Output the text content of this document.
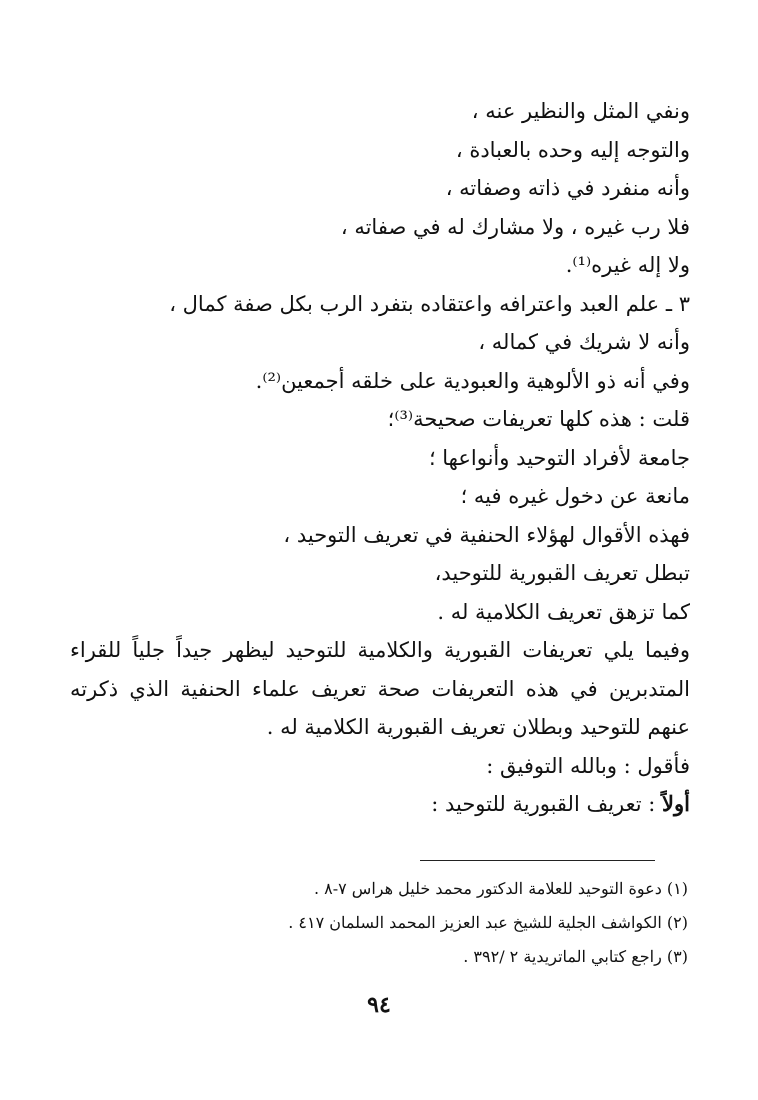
ونفي المثل والنظير عنه ،
والتوجه إليه وحده بالعبادة ،
وأنه منفرد في ذاته وصفاته ،
فلا رب غيره ، ولا مشارك له في صفاته ،
ولا إله غيره⁽¹⁾.
٣ ـ علم العبد واعترافه واعتقاده بتفرد الرب بكل صفة كمال ،
وأنه لا شريك في كماله ،
وفي أنه ذو الألوهية والعبودية على خلقه أجمعين⁽²⁾.
قلت : هذه كلها تعريفات صحيحة⁽³⁾؛
جامعة لأفراد التوحيد وأنواعها ؛
مانعة عن دخول غيره فيه ؛
فهذه الأقوال لهؤلاء الحنفية في تعريف التوحيد ،
تبطل تعريف القبورية للتوحيد،
كما تزهق تعريف الكلامية له .
وفيما يلي تعريفات القبورية والكلامية للتوحيد ليظهر جيداً جلياً للقراء المتدبرين في هذه التعريفات صحة تعريف علماء الحنفية الذي ذكرته عنهم للتوحيد وبطلان تعريف القبورية الكلامية له .
فأقول : وبالله التوفيق :
أولاً : تعريف القبورية للتوحيد :
(١) دعوة التوحيد للعلامة الدكتور محمد خليل هراس ٧-٨ .
(٢) الكواشف الجلية للشيخ عبد العزيز المحمد السلمان ٤١٧ .
(٣) راجع كتابي الماتريدية ٢ /٣٩٢ .
٩٤
